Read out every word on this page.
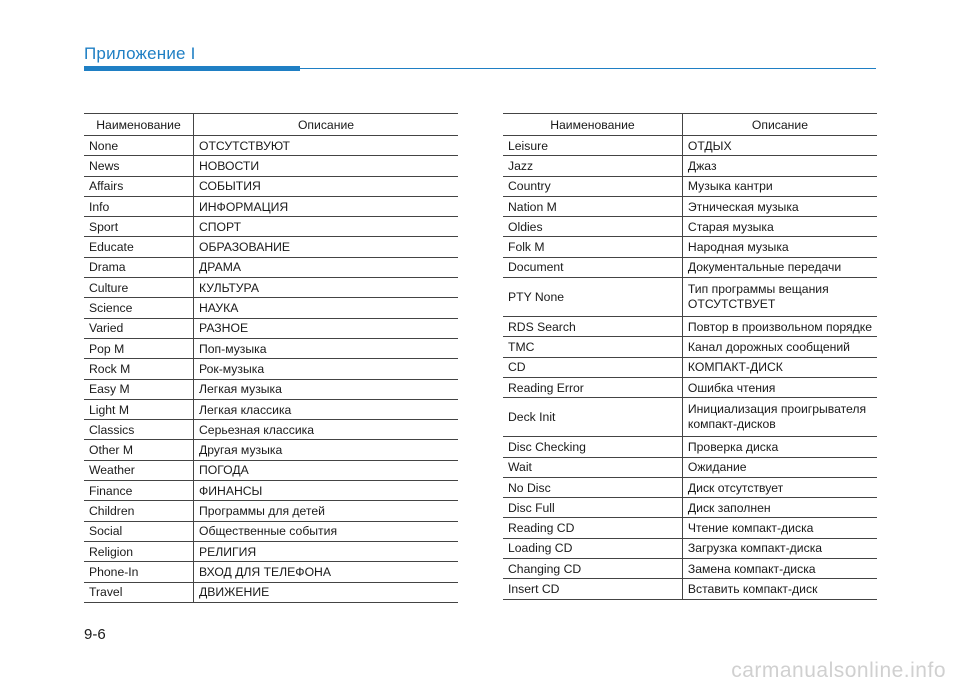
Приложение I
Наименование	Описание
None	ОТСУТСТВУЮТ
News	НОВОСТИ
Affairs	СОБЫТИЯ
Info	ИНФОРМАЦИЯ
Sport	СПОРТ
Educate	ОБРАЗОВАНИЕ
Drama	ДРАМА
Culture	КУЛЬТУРА
Science	НАУКА
Varied	РАЗНОЕ
Pop M	Поп-музыка
Rock M	Рок-музыка
Easy M	Легкая музыка
Light M	Легкая классика
Classics	Серьезная классика
Other M	Другая музыка
Weather	ПОГОДА
Finance	ФИНАНСЫ
Children	Программы для детей
Social	Общественные события
Religion	РЕЛИГИЯ
Phone-In	ВХОД ДЛЯ ТЕЛЕФОНА
Travel	ДВИЖЕНИЕ
Наименование	Описание
Leisure	ОТДЫХ
Jazz	Джаз
Country	Музыка кантри
Nation M	Этническая музыка
Oldies	Старая музыка
Folk M	Народная музыка
Document	Документальные передачи
PTY None	Тип программы вещания ОТСУТСТВУЕТ
RDS Search	Повтор в произвольном порядке
TMC	Канал дорожных сообщений
CD	КОМПАКТ-ДИСК
Reading Error	Ошибка чтения
Deck Init	Инициализация проигрывателя компакт-дисков
Disc Checking	Проверка диска
Wait	Ожидание
No Disc	Диск отсутствует
Disc Full	Диск заполнен
Reading CD	Чтение компакт-диска
Loading CD	Загрузка компакт-диска
Changing CD	Замена компакт-диска
Insert CD	Вставить компакт-диск
9-6
carmanualsonline.info
